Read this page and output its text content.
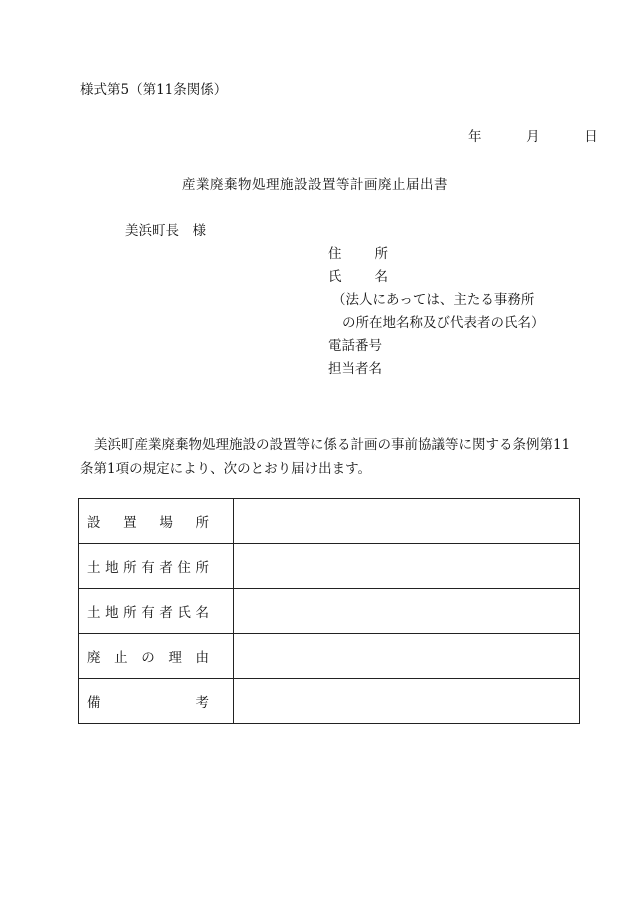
様式第5（第11条関係）
年	月	日
産業廃棄物処理施設設置等計画廃止届出書
美浜町長　様
住所
氏名
（法人にあっては、主たる事務所
の所在地名称及び代表者の氏名）
電話番号
担当者名
美浜町産業廃棄物処理施設の設置等に係る計画の事前協議等に関する条例第11条第1項の規定により、次のとおり届け出ます。
設置場所	

土地所有者住所	

土地所有者氏名	

廃止の理由	

備考	
